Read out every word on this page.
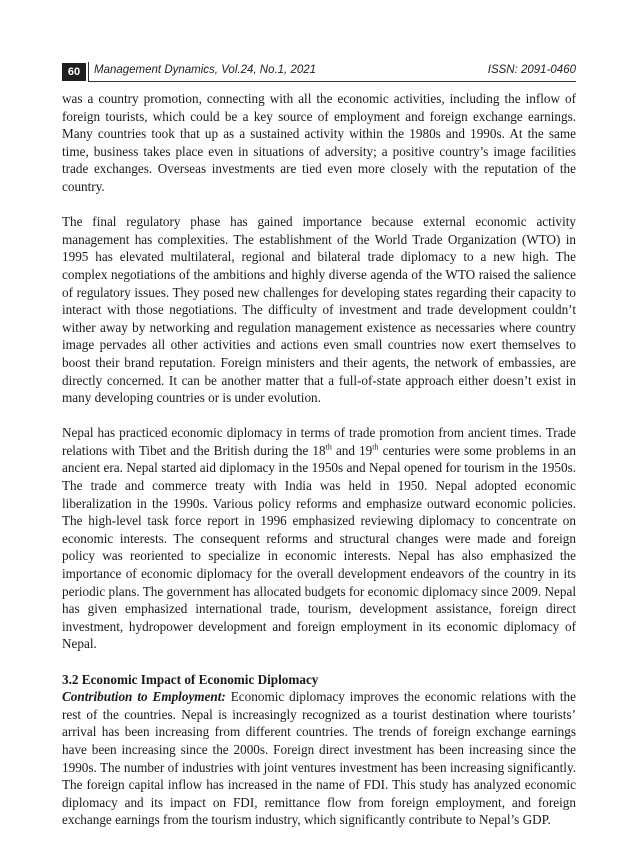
60	Management Dynamics, Vol.24, No.1, 2021	ISSN: 2091-0460

was a country promotion, connecting with all the economic activities, including the inflow of foreign tourists, which could be a key source of employment and foreign exchange earnings. Many countries took that up as a sustained activity within the 1980s and 1990s. At the same time, business takes place even in situations of adversity; a positive country’s image facilities trade exchanges. Overseas investments are tied even more closely with the reputation of the country.

The final regulatory phase has gained importance because external economic activity management has complexities. The establishment of the World Trade Organization (WTO) in 1995 has elevated multilateral, regional and bilateral trade diplomacy to a new high. The complex negotiations of the ambitions and highly diverse agenda of the WTO raised the salience of regulatory issues. They posed new challenges for developing states regarding their capacity to interact with those negotiations. The difficulty of investment and trade development couldn’t wither away by networking and regulation management existence as necessaries where country image pervades all other activities and actions even small countries now exert themselves to boost their brand reputation. Foreign ministers and their agents, the network of embassies, are directly concerned. It can be another matter that a full-of-state approach either doesn’t exist in many developing countries or is under evolution.

Nepal has practiced economic diplomacy in terms of trade promotion from ancient times. Trade relations with Tibet and the British during the 18th and 19th centuries were some problems in an ancient era. Nepal started aid diplomacy in the 1950s and Nepal opened for tourism in the 1950s. The trade and commerce treaty with India was held in 1950. Nepal adopted economic liberalization in the 1990s. Various policy reforms and emphasize outward economic policies. The high-level task force report in 1996 emphasized reviewing diplomacy to concentrate on economic interests. The consequent reforms and structural changes were made and foreign policy was reoriented to specialize in economic interests. Nepal has also emphasized the importance of economic diplomacy for the overall development endeavors of the country in its periodic plans. The government has allocated budgets for economic diplomacy since 2009. Nepal has given emphasized international trade, tourism, development assistance, foreign direct investment, hydropower development and foreign employment in its economic diplomacy of Nepal.

3.2 Economic Impact of Economic Diplomacy

Contribution to Employment: Economic diplomacy improves the economic relations with the rest of the countries. Nepal is increasingly recognized as a tourist destination where tourists’ arrival has been increasing from different countries. The trends of foreign exchange earnings have been increasing since the 2000s. Foreign direct investment has been increasing since the 1990s. The number of industries with joint ventures investment has been increasing significantly. The foreign capital inflow has increased in the name of FDI. This study has analyzed economic diplomacy and its impact on FDI, remittance flow from foreign employment, and foreign exchange earnings from the tourism industry, which significantly contribute to Nepal’s GDP.
